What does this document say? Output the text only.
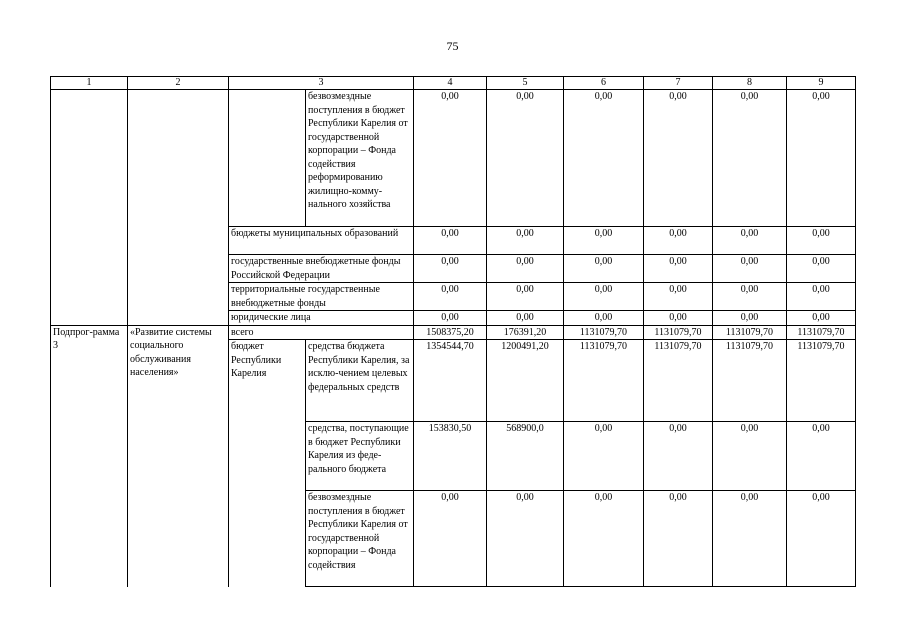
75
1	2	3		4	5	6	7	8	9
			безвозмездные поступления в бюджет Республики Карелия от государственной корпорации – Фонда содействия реформированию жилищно-комму-нального хозяйства	0,00	0,00	0,00	0,00	0,00	0,00
		бюджеты муниципальных образований		0,00	0,00	0,00	0,00	0,00	0,00
		государственные внебюджетные фонды Российской Федерации		0,00	0,00	0,00	0,00	0,00	0,00
		территориальные государственные внебюджетные фонды		0,00	0,00	0,00	0,00	0,00	0,00
		юридические лица		0,00	0,00	0,00	0,00	0,00	0,00
Подпрог-рамма 3	«Развитие системы социального обслуживания населения»	всего		1508375,20	176391,20	1131079,70	1131079,70	1131079,70	1131079,70
		бюджет Республики Карелия	средства бюджета Республики Карелия, за исклю-чением целевых федеральных средств	1354544,70	1200491,20	1131079,70	1131079,70	1131079,70	1131079,70
			средства, поступающие в бюджет Республики Карелия из феде-рального бюджета	153830,50	568900,0	0,00	0,00	0,00	0,00
			безвозмездные поступления в бюджет Республики Карелия от государственной корпорации – Фонда содействия	0,00	0,00	0,00	0,00	0,00	0,00
